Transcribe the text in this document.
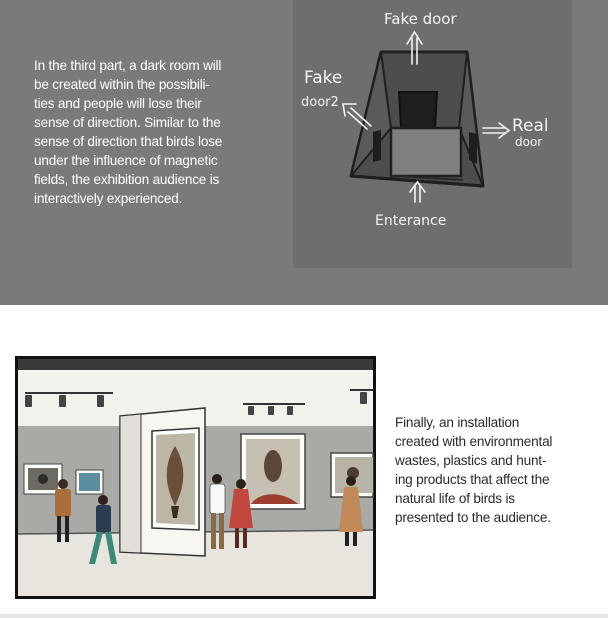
In the third part, a dark room will
be created within the possibili-
ties and people will lose their
sense of direction. Similar to the
sense of direction that birds lose
under the influence of magnetic
fields, the exhibition audience is
interactively experienced.

Fake door
Fake
door2
Real
door
Enterance

Finally, an installation
created with environmental
wastes, plastics and hunt-
ing products that affect the
natural life of birds is
presented to the audience.
